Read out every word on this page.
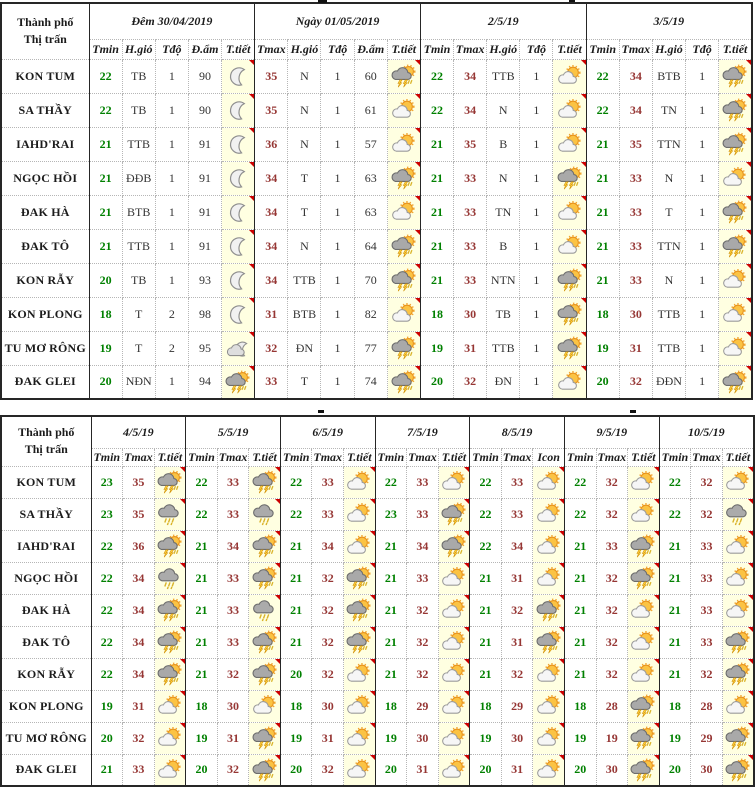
Thành phố
Thị trấn	Đêm 30/04/2019					Ngày 01/05/2019					2/5/19					3/5/19				
	Tmin	H.gió	Tđộ	Đ.ẩm	T.tiết	Tmax	H.gió	Tđộ	Đ.ẩm	T.tiết	Tmin	Tmax	H.gió	Tđộ	T.tiết	Tmin	Tmax	H.gió	Tđộ	T.tiết
KON TUM	22	TB	1	90		35	N	1	60		22	34	TTB	1		22	34	BTB	1	

SA THẦY	22	TB	1	90		35	N	1	61		22	34	N	1		22	34	TN	1	

IAHD'RAI	21	TTB	1	91		36	N	1	57		21	35	B	1		21	35	TTN	1	

NGỌC HỒI	21	ĐĐB	1	91		34	T	1	63		21	33	N	1		21	33	N	1	

ĐAK HÀ	21	BTB	1	91		34	T	1	63		21	33	TN	1		21	33	T	1	

ĐAK TÔ	21	TTB	1	91		34	N	1	64		21	33	B	1		21	33	TTN	1	

KON RẪY	20	TB	1	93		34	TTB	1	70		21	33	NTN	1		21	33	N	1	

KON PLONG	18	T	2	98		31	BTB	1	82		18	30	TB	1		18	30	TTB	1	

TU MƠ RÔNG	19	T	2	95		32	ĐN	1	77		19	31	TTB	1		19	31	TTB	1	

ĐAK GLEI	20	NĐN	1	94		33	T	1	74		20	32	ĐN	1		20	32	ĐĐN	1	
Thành phố
Thị trấn	4/5/19			5/5/19			6/5/19			7/5/19			8/5/19			9/5/19			10/5/19		
	Tmin	Tmax	T.tiết	Tmin	Tmax	T.tiết	Tmin	Tmax	T.tiết	Tmin	Tmax	T.tiết	Tmin	Tmax	Icon	Tmin	Tmax	T.tiết	Tmin	Tmax	T.tiết
KON TUM	23	35		22	33		22	33		22	33		22	33		22	32		22	32	

SA THẦY	23	35		22	33		22	33		23	33		22	33		22	32		22	32	

IAHD'RAI	22	36		21	34		21	34		21	34		22	34		21	33		21	33	

NGỌC HỒI	22	34		21	33		21	32		21	33		21	31		21	32		21	33	

ĐAK HÀ	22	34		21	33		21	32		21	32		21	32		21	32		21	33	

ĐAK TÔ	22	34		21	33		21	32		21	32		21	31		21	32		21	33	

KON RẪY	22	34		21	32		20	32		21	32		21	32		21	32		21	32	

KON PLONG	19	31		18	30		18	30		18	29		18	29		18	28		18	28	

TU MƠ RÔNG	20	32		19	31		19	31		19	30		19	30		19	19		19	29	

ĐAK GLEI	21	33		20	32		20	32		20	31		20	31		20	30		20	30	
